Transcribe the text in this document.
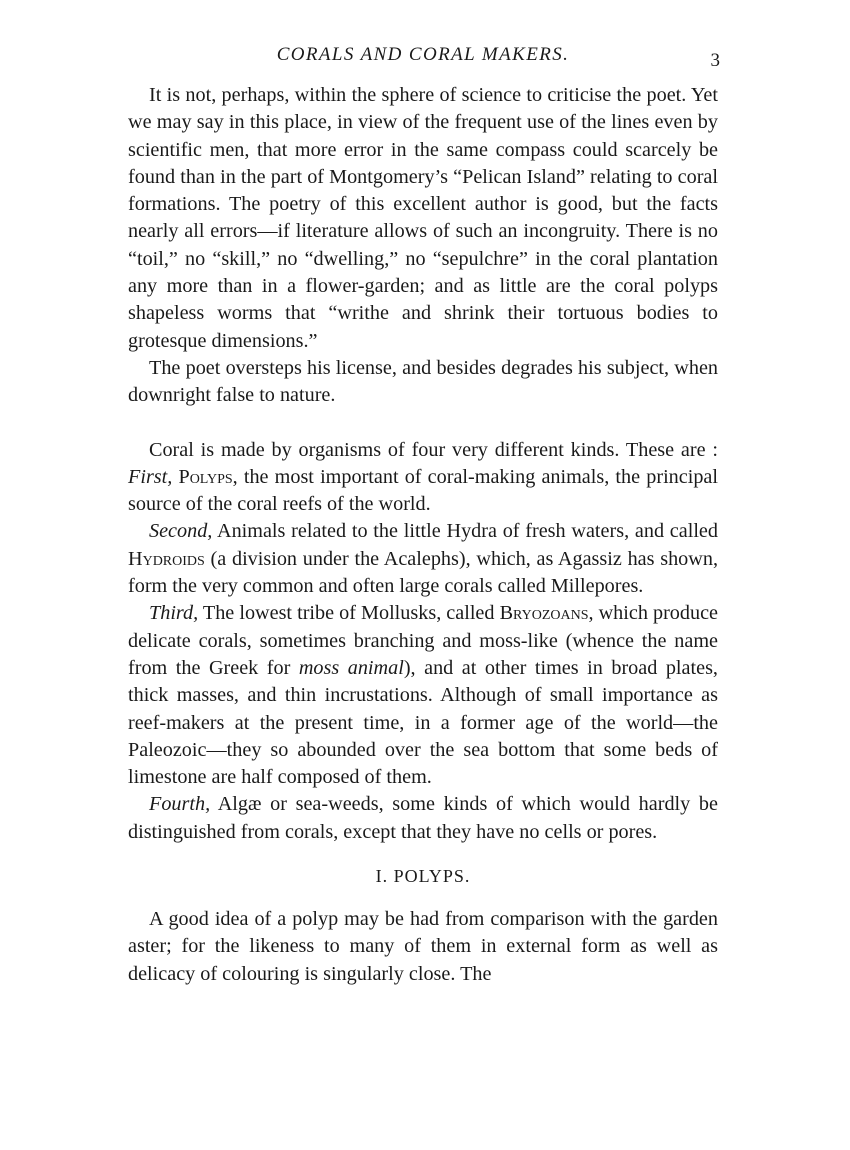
CORALS AND CORAL MAKERS.	3

It is not, perhaps, within the sphere of science to criticise the poet. Yet we may say in this place, in view of the frequent use of the lines even by scientific men, that more error in the same compass could scarcely be found than in the part of Montgomery’s “Pelican Island” relating to coral formations. The poetry of this excellent author is good, but the facts nearly all errors—if literature allows of such an incongruity. There is no “toil,” no “skill,” no “dwelling,” no “sepulchre” in the coral plantation any more than in a flower-garden; and as little are the coral polyps shapeless worms that “writhe and shrink their tortuous bodies to grotesque dimensions.”

The poet oversteps his license, and besides degrades his subject, when downright false to nature.

Coral is made by organisms of four very different kinds. These are : First, Polyps, the most important of coral-making animals, the principal source of the coral reefs of the world.

Second, Animals related to the little Hydra of fresh waters, and called Hydroids (a division under the Acalephs), which, as Agassiz has shown, form the very common and often large corals called Millepores.

Third, The lowest tribe of Mollusks, called Bryozoans, which produce delicate corals, sometimes branching and moss-like (whence the name from the Greek for moss animal), and at other times in broad plates, thick masses, and thin incrustations. Although of small importance as reef-makers at the present time, in a former age of the world—the Paleozoic—they so abounded over the sea bottom that some beds of limestone are half composed of them.

Fourth, Algæ or sea-weeds, some kinds of which would hardly be distinguished from corals, except that they have no cells or pores.

I. POLYPS.

A good idea of a polyp may be had from comparison with the garden aster; for the likeness to many of them in external form as well as delicacy of colouring is singularly close. The
